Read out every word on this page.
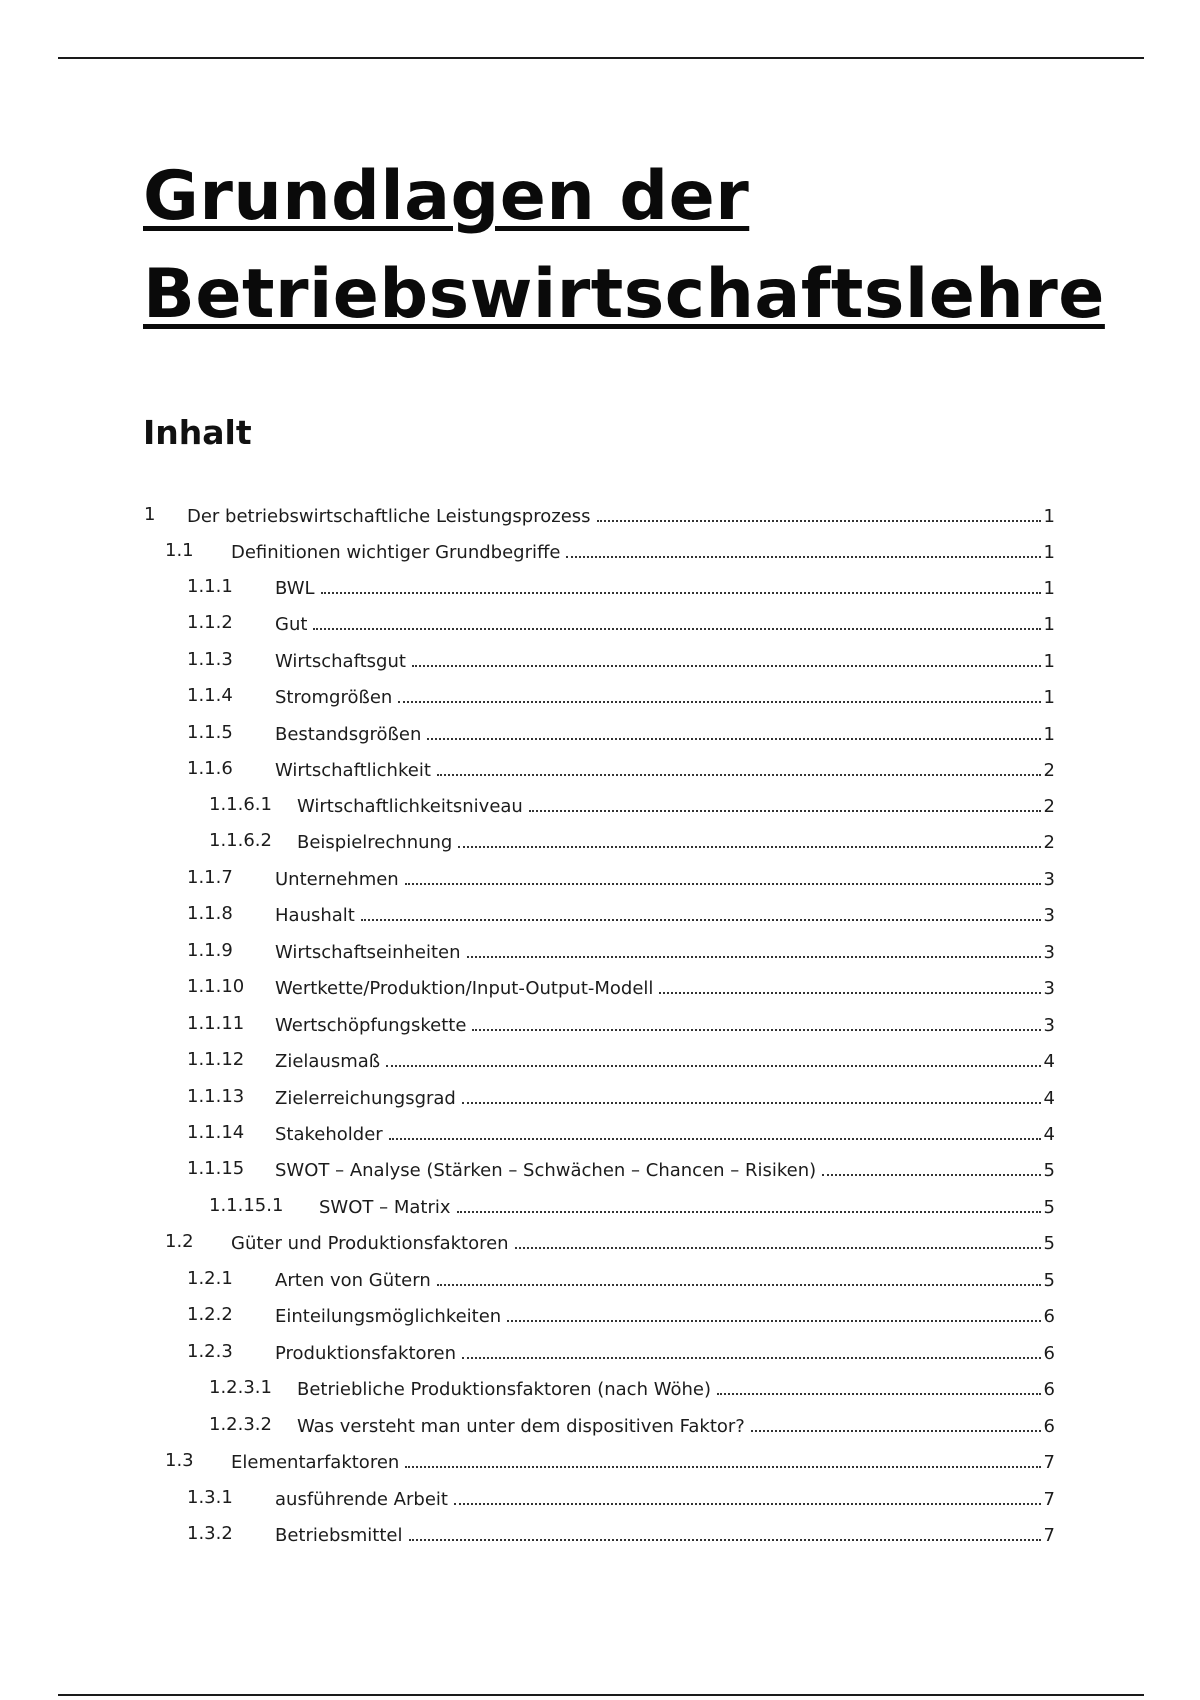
Grundlagen der
Betriebswirtschaftslehre
Inhalt
1 Der betriebswirtschaftliche Leistungsprozess	1
1.1 Definitionen wichtiger Grundbegriffe	1
1.1.1 BWL	1
1.1.2 Gut	1
1.1.3 Wirtschaftsgut	1
1.1.4 Stromgrößen	1
1.1.5 Bestandsgrößen	1
1.1.6 Wirtschaftlichkeit	2
1.1.6.1 Wirtschaftlichkeitsniveau	2
1.1.6.2 Beispielrechnung	2
1.1.7 Unternehmen	3
1.1.8 Haushalt	3
1.1.9 Wirtschaftseinheiten	3
1.1.10 Wertkette/Produktion/Input-Output-Modell	3
1.1.11 Wertschöpfungskette	3
1.1.12 Zielausmaß	4
1.1.13 Zielerreichungsgrad	4
1.1.14 Stakeholder	4
1.1.15 SWOT – Analyse (Stärken – Schwächen – Chancen – Risiken)	5
1.1.15.1 SWOT – Matrix	5
1.2 Güter und Produktionsfaktoren	5
1.2.1 Arten von Gütern	5
1.2.2 Einteilungsmöglichkeiten	6
1.2.3 Produktionsfaktoren	6
1.2.3.1 Betriebliche Produktionsfaktoren (nach Wöhe)	6
1.2.3.2 Was versteht man unter dem dispositiven Faktor?	6
1.3 Elementarfaktoren	7
1.3.1 ausführende Arbeit	7
1.3.2 Betriebsmittel	7
